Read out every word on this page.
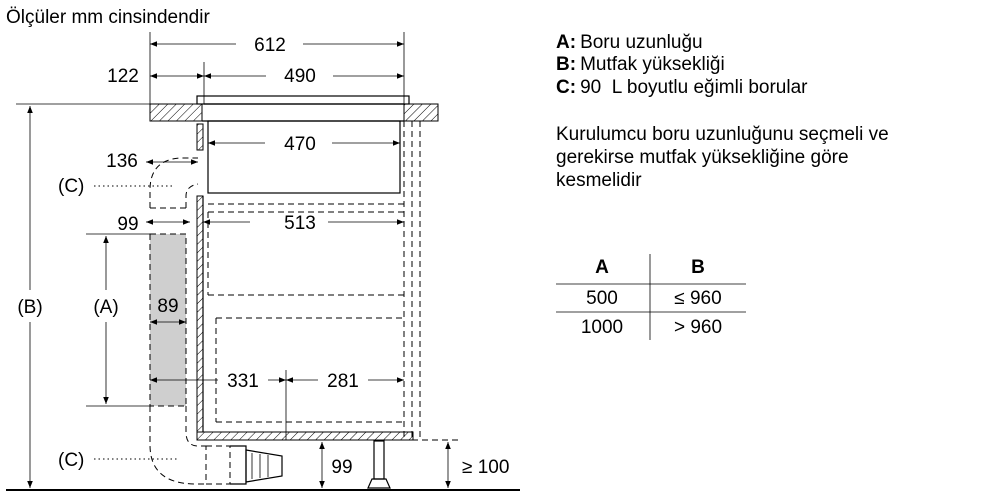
Ölçüler mm cinsindendir
612
122	490
470
136
(C)
99	513
89
(A)
331	281
(C)	99	≥ 100
(B)
A: Boru uzunluğu
B: Mutfak yüksekliği
C: 90  L boyutlu eğimli borular
Kurulumcu boru uzunluğunu seçmeli ve
gerekirse mutfak yüksekliğine göre
kesmelidir
A	B
500	≤ 960
1000	> 960
